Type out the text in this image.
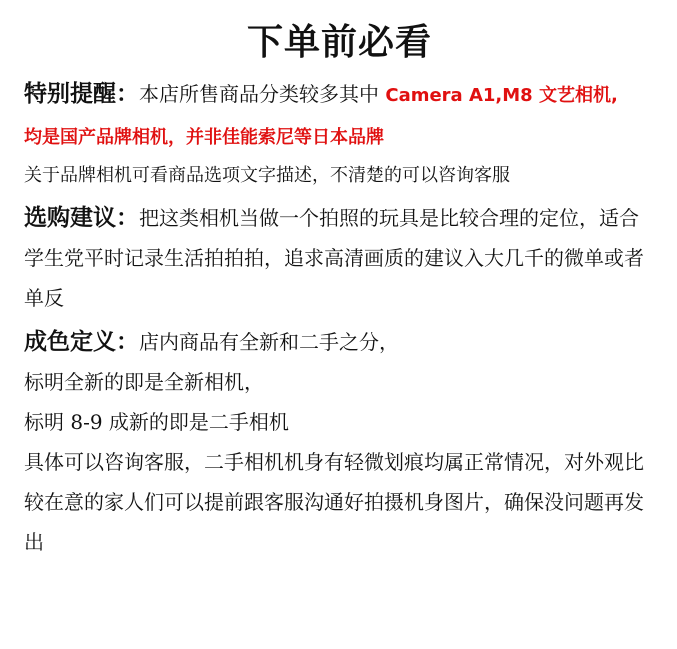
下单前必看

特别提醒：本店所售商品分类较多其中 Camera A1,M8 文艺相机,
均是国产品牌相机，并非佳能索尼等日本品牌

关于品牌相机可看商品选项文字描述，不清楚的可以咨询客服

选购建议：把这类相机当做一个拍照的玩具是比较合理的定位，适合学生党平时记录生活拍拍拍，追求高清画质的建议入大几千的微单或者单反

成色定义：店内商品有全新和二手之分，

标明全新的即是全新相机，

标明 8-9 成新的即是二手相机

具体可以咨询客服，二手相机机身有轻微划痕均属正常情况，对外观比较在意的家人们可以提前跟客服沟通好拍摄机身图片，确保没问题再发出
